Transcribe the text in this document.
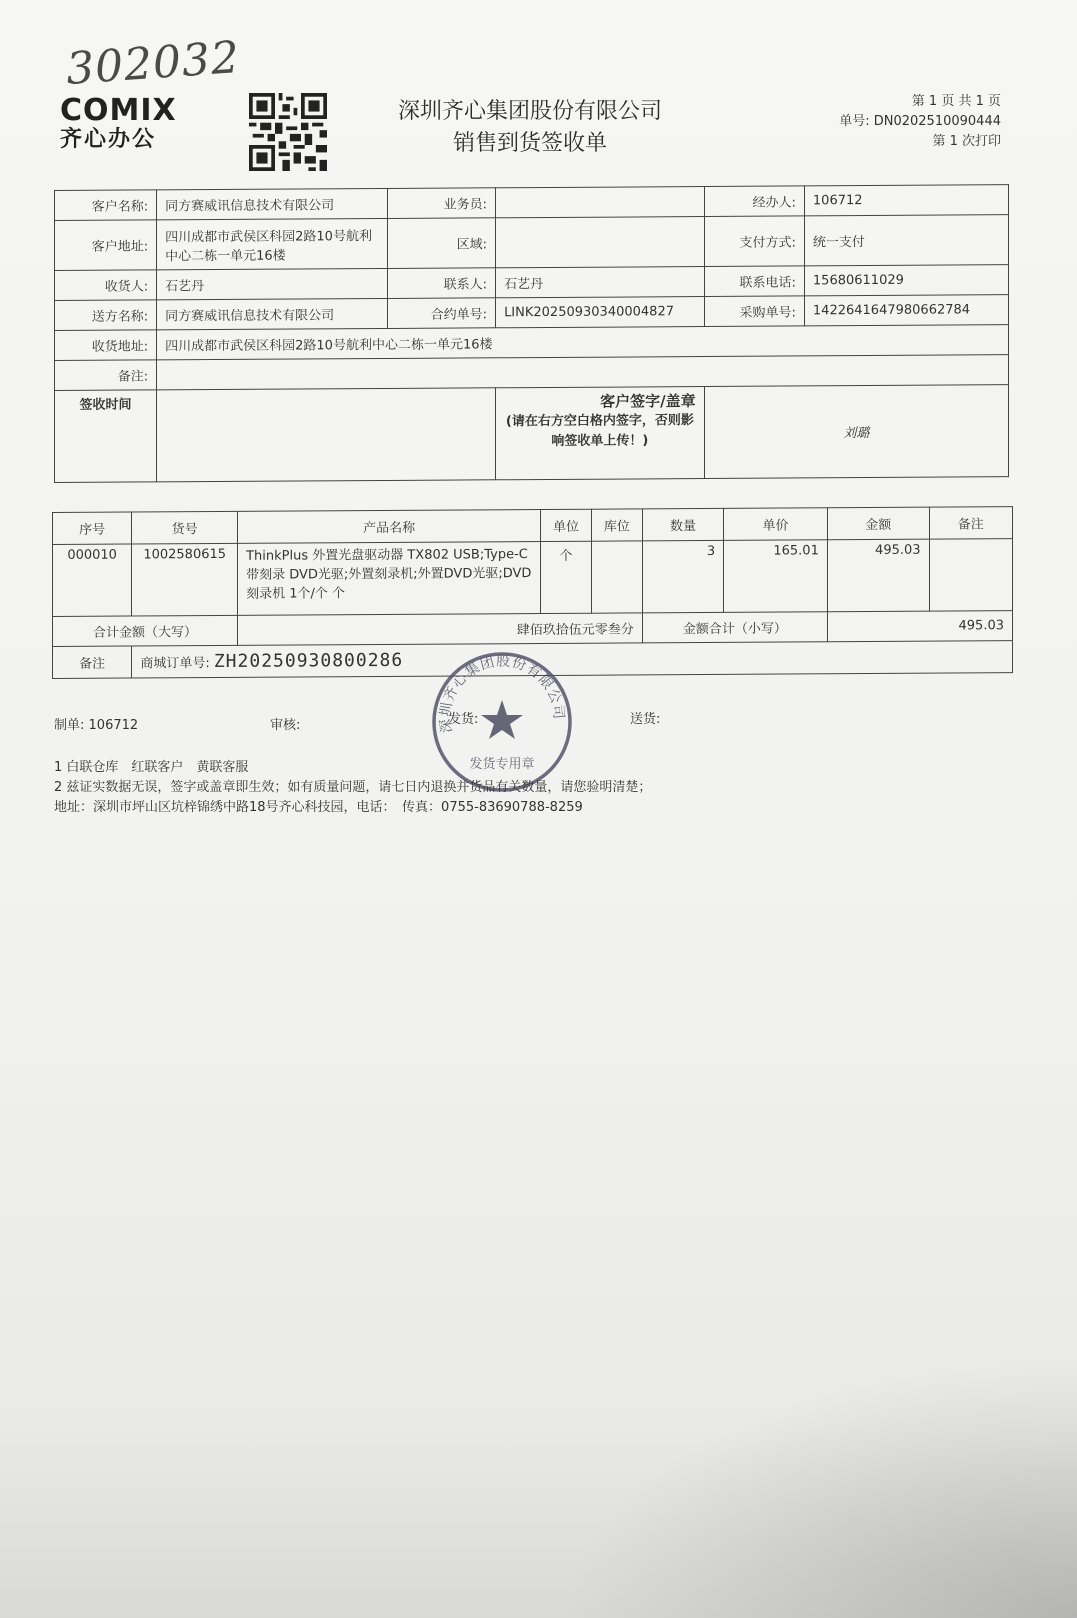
302032
COMIX
齐心办公
深圳齐心集团股份有限公司
销售到货签收单
第 1 页 共 1 页
单号: DN0202510090444
第 1 次打印
客户名称:	同方赛威讯信息技术有限公司	业务员:		经办人:	106712
客户地址:	四川成都市武侯区科园2路10号航利中心二栋一单元16楼	区域:		支付方式:	统一支付
收货人:	石艺丹	联系人:	石艺丹	联系电话:	15680611029
送方名称:	同方赛威讯信息技术有限公司	合约单号:	LINK20250930340004827	采购单号:	1422641647980662784
收货地址:	四川成都市武侯区科园2路10号航利中心二栋一单元16楼				
备注:					
签收时间			客户签字/盖章
(请在右方空白格内签字，否则影响签收单上传！)	刘璐	
序号	货号	产品名称	单位	库位	数量	单价	金额	备注
000010	1002580615	ThinkPlus 外置光盘驱动器 TX802 USB;Type-C 带刻录 DVD光驱;外置刻录机;外置DVD光驱;DVD刻录机 1个/个 个	个		3	165.01	495.03	
合计金额（大写）		肆佰玖拾伍元零叁分			金额合计（小写）		495.03	
备注	商城订单号: ZH20250930800286							
制单: 106712	审核:	发货:	送货:
深圳齐心集团股份有限公司
发货专用章
1 白联仓库　红联客户　黄联客服
2 兹证实数据无误，签字或盖章即生效；如有质量问题，请七日内退换并货品有关数量，请您验明清楚；
地址：深圳市坪山区坑梓锦绣中路18号齐心科技园，电话：　传真：0755-83690788-8259
